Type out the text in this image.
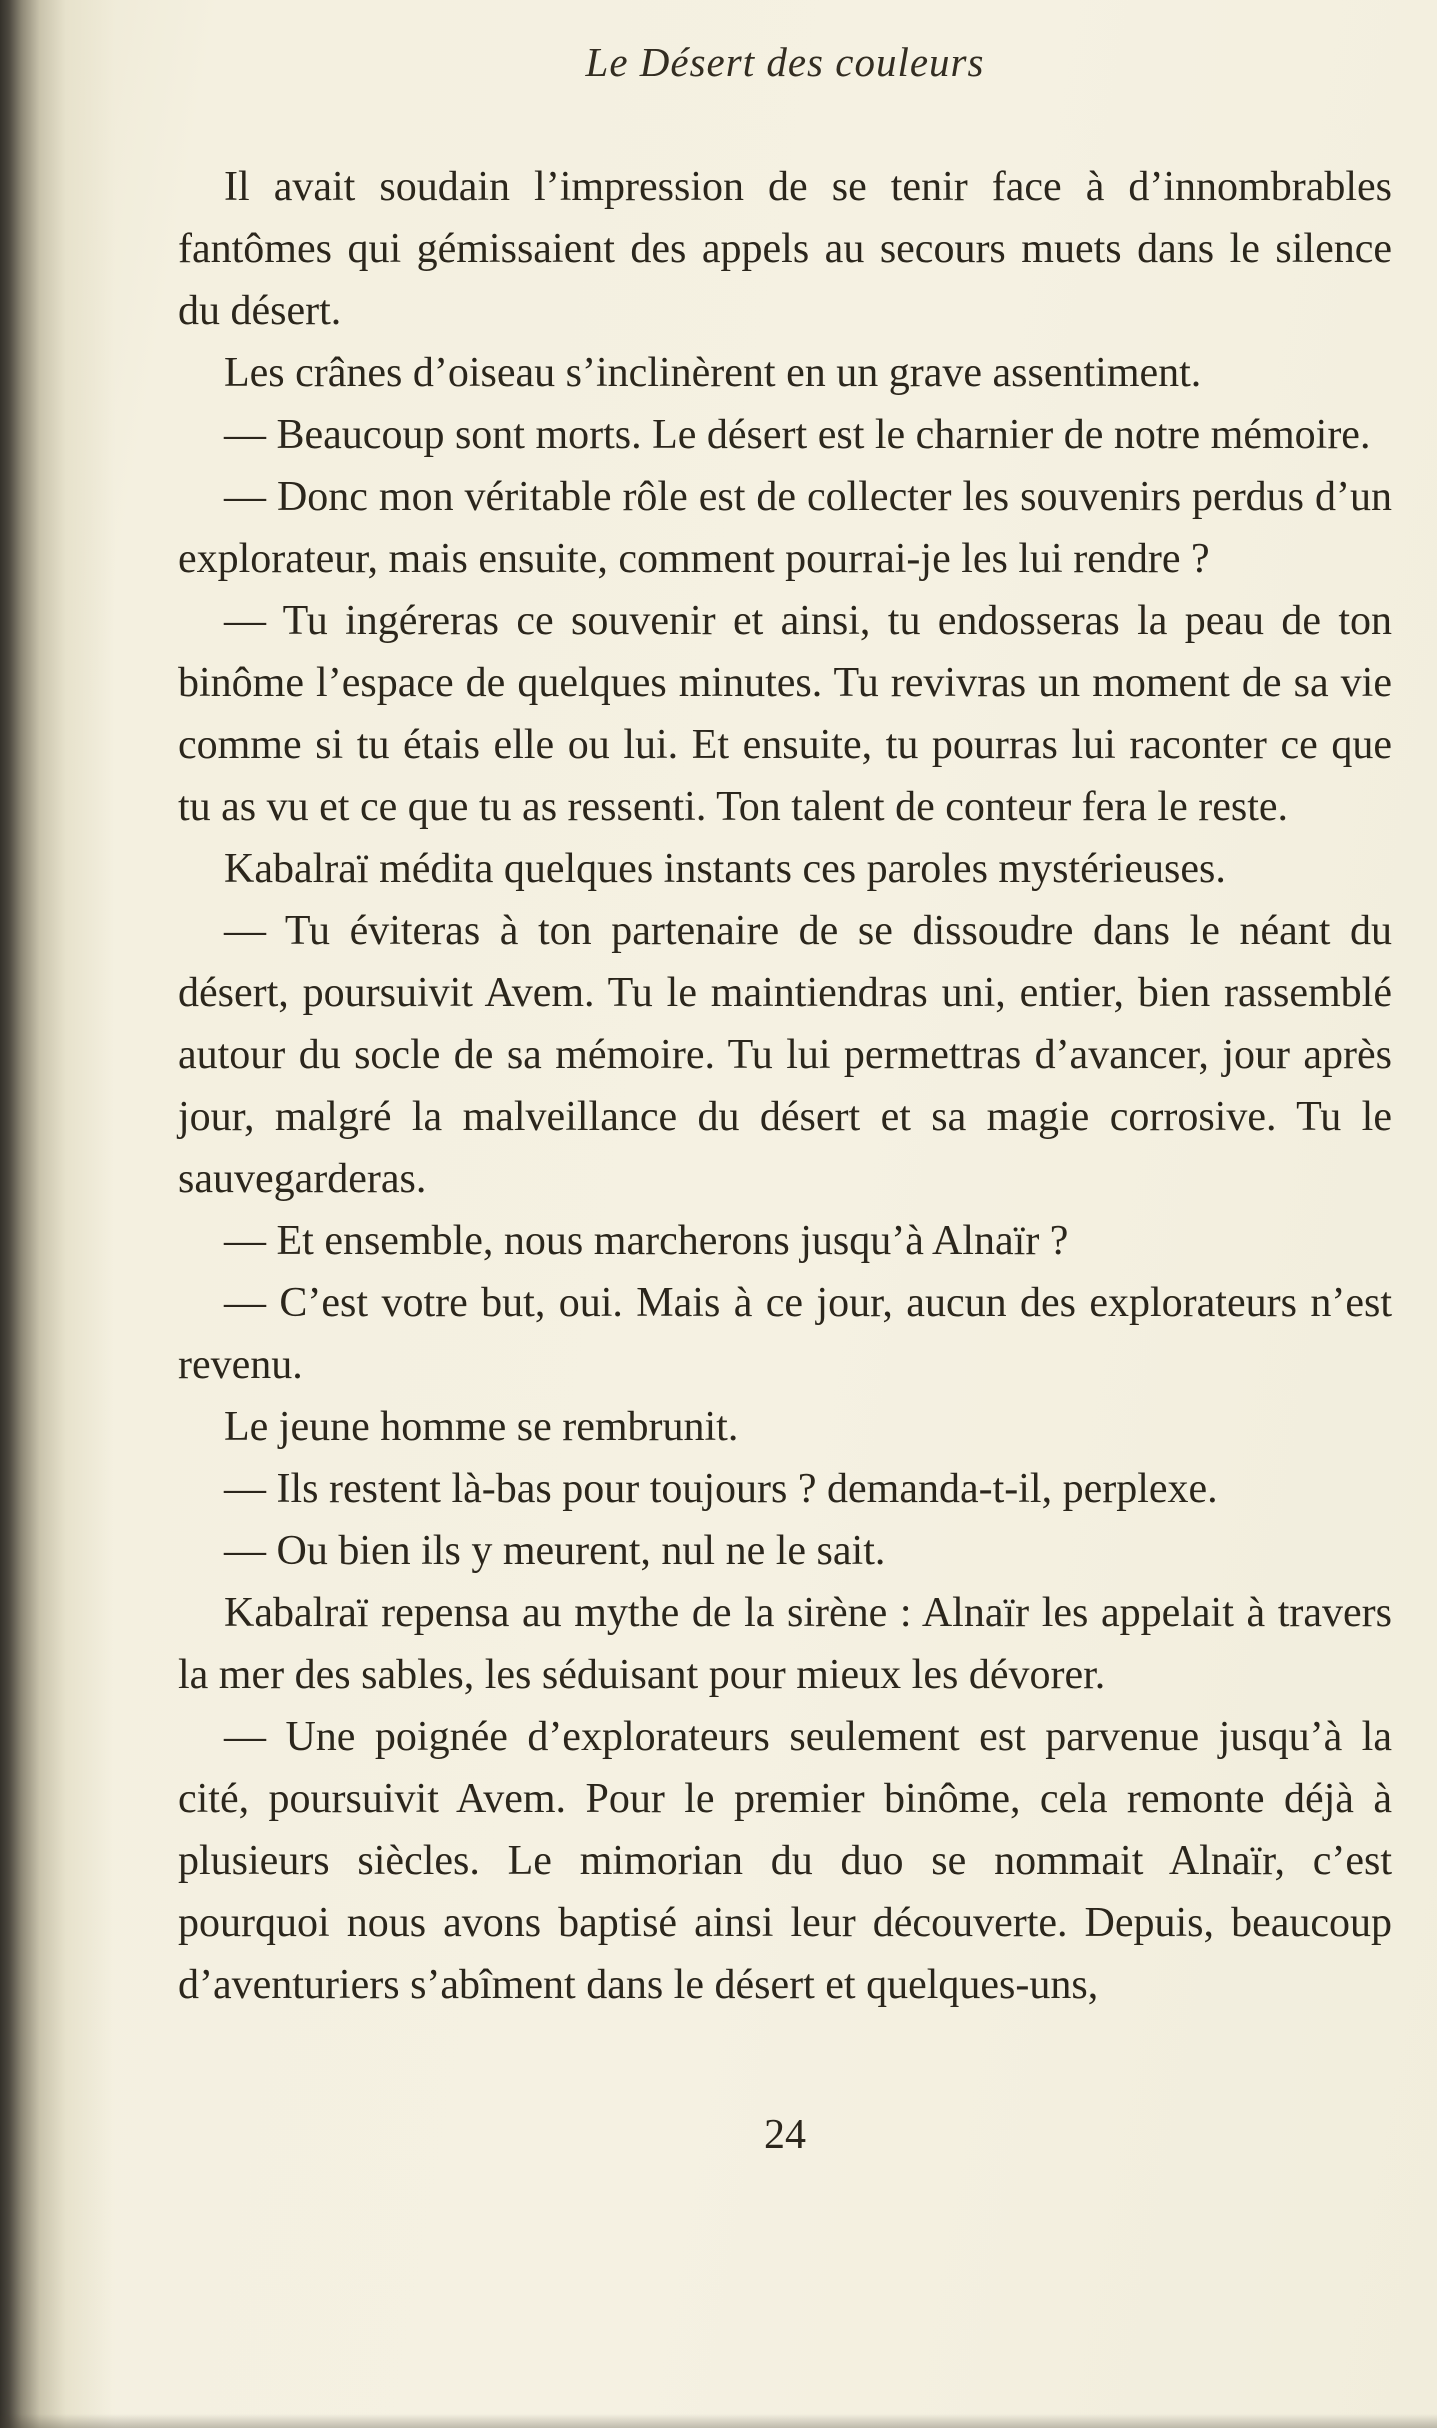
Le Désert des couleurs

Il avait soudain l’impression de se tenir face à d’innombrables fantômes qui gémissaient des appels au secours muets dans le silence du désert.

Les crânes d’oiseau s’inclinèrent en un grave assentiment.

— Beaucoup sont morts. Le désert est le charnier de notre mémoire.

— Donc mon véritable rôle est de collecter les souvenirs perdus d’un explorateur, mais ensuite, comment pourrai-je les lui rendre ?

— Tu ingéreras ce souvenir et ainsi, tu endosseras la peau de ton binôme l’espace de quelques minutes. Tu revivras un moment de sa vie comme si tu étais elle ou lui. Et ensuite, tu pourras lui raconter ce que tu as vu et ce que tu as ressenti. Ton talent de conteur fera le reste.

Kabalraï médita quelques instants ces paroles mystérieuses.

— Tu éviteras à ton partenaire de se dissoudre dans le néant du désert, poursuivit Avem. Tu le maintiendras uni, entier, bien rassemblé autour du socle de sa mémoire. Tu lui permettras d’avancer, jour après jour, malgré la malveillance du désert et sa magie corrosive. Tu le sauvegarderas.

— Et ensemble, nous marcherons jusqu’à Alnaïr ?

— C’est votre but, oui. Mais à ce jour, aucun des explorateurs n’est revenu.

Le jeune homme se rembrunit.

— Ils restent là-bas pour toujours ? demanda-t-il, perplexe.

— Ou bien ils y meurent, nul ne le sait.

Kabalraï repensa au mythe de la sirène : Alnaïr les appelait à travers la mer des sables, les séduisant pour mieux les dévorer.

— Une poignée d’explorateurs seulement est parvenue jusqu’à la cité, poursuivit Avem. Pour le premier binôme, cela remonte déjà à plusieurs siècles. Le mimorian du duo se nommait Alnaïr, c’est pourquoi nous avons baptisé ainsi leur découverte. Depuis, beaucoup d’aventuriers s’abîment dans le désert et quelques-uns,

24
